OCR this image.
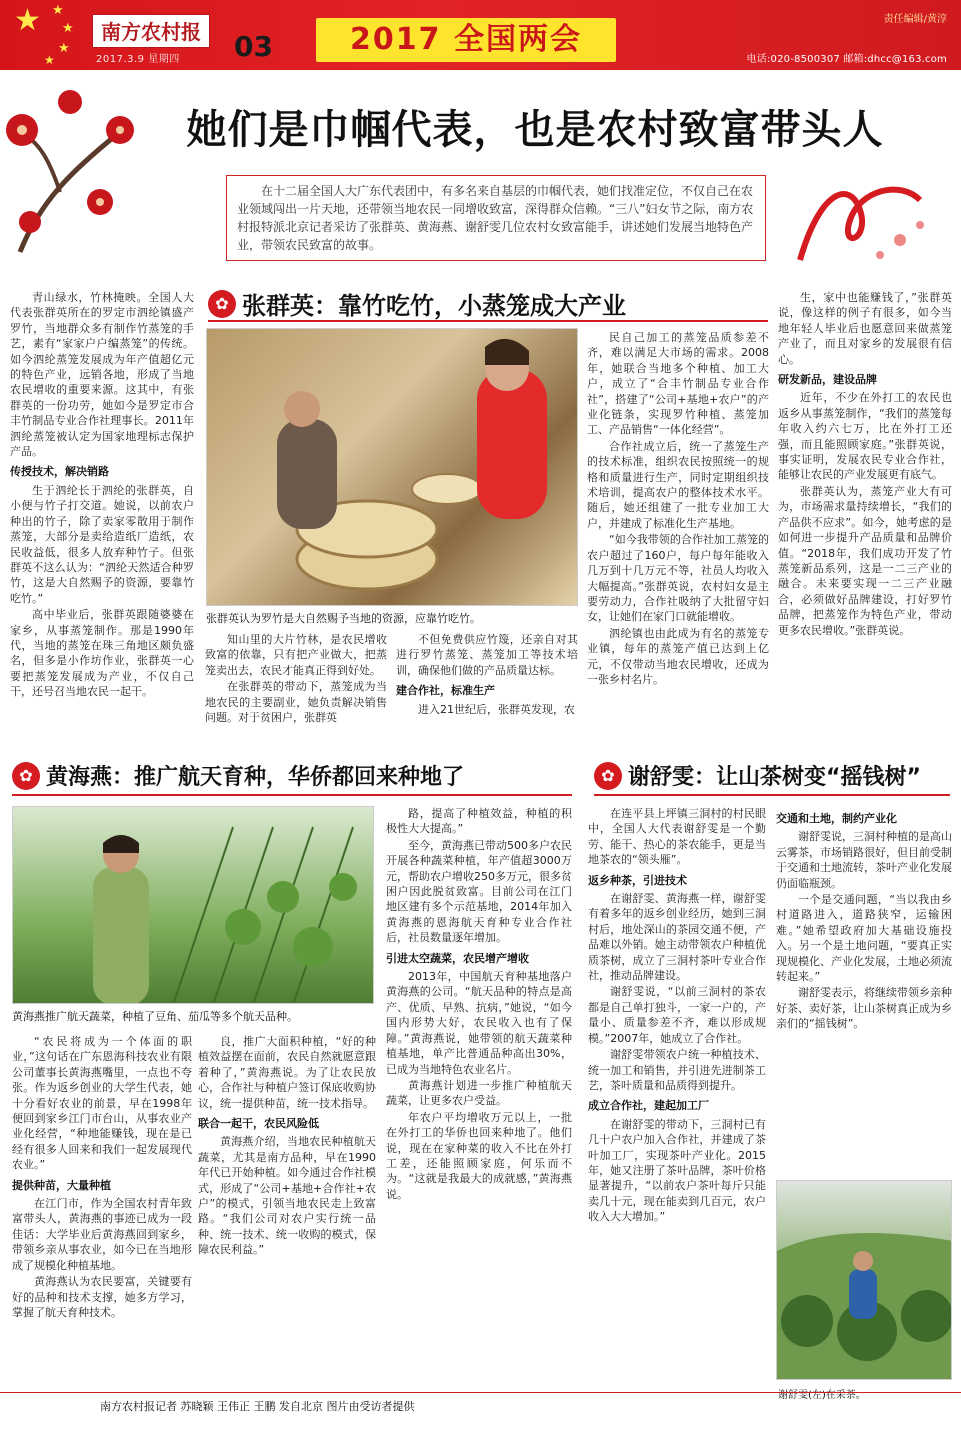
★ ★
★
★
★
南方农村报
2017.3.9 星期四 03	2017 全国两会
责任编辑/黄淳
电话:020-8500307 邮箱:dhcc@163.com
她们是巾帼代表，也是农村致富带头人
在十二届全国人大广东代表团中，有多名来自基层的巾帼代表，她们找准定位，不仅自己在农业领域闯出一片天地，还带领当地农民一同增收致富，深得群众信赖。“三八”妇女节之际，南方农村报特派北京记者采访了张群英、黄海燕、谢舒雯几位农村女致富能手，讲述她们发展当地特色产业，带领农民致富的故事。
✿ 张群英：靠竹吃竹，小蒸笼成大产业

青山绿水，竹林掩映。全国人大代表张群英所在的罗定市泗纶镇盛产罗竹，当地群众多有制作竹蒸笼的手艺，素有“家家户户编蒸笼”的传统。如今泗纶蒸笼发展成为年产值超亿元的特色产业，远销各地，形成了当地农民增收的重要来源。这其中，有张群英的一份功劳，她如今是罗定市合丰竹制品专业合作社理事长。2011年泗纶蒸笼被认定为国家地理标志保护产品。

传授技术，解决销路

生于泗纶长于泗纶的张群英，自小便与竹子打交道。她说，以前农户种出的竹子，除了卖家零散用于制作蒸笼，大部分是卖给造纸厂造纸，农民收益低，很多人放弃种竹子。但张群英不这么认为：“泗纶天然适合种罗竹，这是大自然赐予的资源，要靠竹吃竹。”

高中毕业后，张群英跟随婆婆在家乡，从事蒸笼制作。那是1990年代，当地的蒸笼在珠三角地区颇负盛名，但多是小作坊作业，张群英一心要把蒸笼发展成为产业，不仅自己干，还号召当地农民一起干。

张群英认为罗竹是大自然赐予当地的资源，应靠竹吃竹。

知山里的大片竹林，是农民增收致富的依靠，只有把产业做大，把蒸笼卖出去，农民才能真正得到好处。

在张群英的带动下，蒸笼成为当地农民的主要副业，她负责解决销售问题。对于贫困户，张群英

不但免费供应竹篾，还亲自对其进行罗竹蒸笼、蒸笼加工等技术培训，确保他们做的产品质量达标。

建合作社，标准生产

进入21世纪后，张群英发现，农

民自己加工的蒸笼品质参差不齐，难以满足大市场的需求。2008年，她联合当地多个种植、加工大户，成立了“合丰竹制品专业合作社”，搭建了“公司+基地+农户”的产业化链条，实现罗竹种植、蒸笼加工、产品销售“一体化经营”。

合作社成立后，统一了蒸笼生产的技术标准，组织农民按照统一的规格和质量进行生产，同时定期组织技术培训，提高农户的整体技术水平。随后，她还组建了一批专业加工大户，并建成了标准化生产基地。

“如今我带领的合作社加工蒸笼的农户超过了160户，每户每年能收入几万到十几万元不等，社员人均收入大幅提高。”张群英说，农村妇女是主要劳动力，合作社吸纳了大批留守妇女，让她们在家门口就能增收。

泗纶镇也由此成为有名的蒸笼专业镇，每年的蒸笼产值已达到上亿元，不仅带动当地农民增收，还成为一张乡村名片。

生，家中也能赚钱了，”张群英说，像这样的例子有很多，如今当地年轻人毕业后也愿意回来做蒸笼产业了，而且对家乡的发展很有信心。

研发新品，建设品牌

近年，不少在外打工的农民也返乡从事蒸笼制作，“我们的蒸笼每年收入约六七万，比在外打工还强，而且能照顾家庭。”张群英说，事实证明，发展农民专业合作社，能够让农民的产业发展更有底气。

张群英认为，蒸笼产业大有可为，市场需求量持续增长，“我们的产品供不应求”。如今，她考虑的是如何进一步提升产品质量和品牌价值。“2018年，我们成功开发了竹蒸笼新品系列，这是一二三产业的融合。未来要实现一二三产业融合，必须做好品牌建设，打好罗竹品牌，把蒸笼作为特色产业，带动更多农民增收。”张群英说。

✿ 黄海燕：推广航天育种，华侨都回来种地了
黄海燕推广航天蔬菜，种植了豆角、茄瓜等多个航天品种。

“农民将成为一个体面的职业，”这句话在广东恩海科技农业有限公司董事长黄海燕嘴里，一点也不夸张。作为返乡创业的大学生代表，她十分看好农业的前景，早在1998年便回到家乡江门市台山，从事农业产业化经营，“种地能赚钱，现在是已经有很多人回来和我们一起发展现代农业。”

提供种苗，大量种植

在江门市，作为全国农村青年致富带头人，黄海燕的事迹已成为一段佳话：大学毕业后黄海燕回到家乡，带领乡亲从事农业，如今已在当地形成了规模化种植基地。

黄海燕认为农民要富，关键要有好的品种和技术支撑，她多方学习，掌握了航天育种技术。

良，推广大面积种植，“好的种植效益摆在面前，农民自然就愿意跟着种了，”黄海燕说。为了让农民放心，合作社与种植户签订保底收购协议，统一提供种苗，统一技术指导。

联合一起干，农民风险低

黄海燕介绍，当地农民种植航天蔬菜，尤其是南方品种，早在1990年代已开始种植。如今通过合作社模式，形成了“公司+基地+合作社+农户”的模式，引领当地农民走上致富路。“我们公司对农户实行统一品种、统一技术、统一收购的模式，保障农民利益。”

路，提高了种植效益，种植的积极性大大提高。”

至今，黄海燕已带动500多户农民开展各种蔬菜种植，年产值超3000万元，帮助农户增收250多万元，很多贫困户因此脱贫致富。目前公司在江门地区建有多个示范基地，2014年加入黄海燕的恩海航天育种专业合作社后，社员数量逐年增加。

引进太空蔬菜，农民增产增收

2013年，中国航天育种基地落户黄海燕的公司。“航天品种的特点是高产、优质、早熟、抗病，”她说，“如今国内形势大好，农民收入也有了保障。”黄海燕说，她带领的航天蔬菜种植基地，单产比普通品种高出30%，已成为当地特色农业名片。

黄海燕计划进一步推广种植航天蔬菜，让更多农户受益。

年农户平均增收万元以上，一批在外打工的华侨也回来种地了。他们说，现在在家种菜的收入不比在外打工差，还能照顾家庭，何乐而不为。“这就是我最大的成就感，”黄海燕说。

✿ 谢舒雯：让山茶树变“摇钱树”

在连平县上坪镇三洞村的村民眼中，全国人大代表谢舒雯是一个勤劳、能干、热心的茶农能手，更是当地茶农的“领头雁”。

返乡种茶，引进技术

在谢舒雯、黄海燕一样，谢舒雯有着多年的返乡创业经历，她到三洞村后，地处深山的茶园交通不便，产品难以外销。她主动带领农户种植优质茶树，成立了三洞村茶叶专业合作社，推动品牌建设。

谢舒雯说，“以前三洞村的茶农都是自己单打独斗，一家一户的，产量小、质量参差不齐，难以形成规模。”2007年，她成立了合作社。

谢舒雯带领农户统一种植技术、统一加工和销售，并引进先进制茶工艺，茶叶质量和品质得到提升。

成立合作社，建起加工厂

在谢舒雯的带动下，三洞村已有几十户农户加入合作社，并建成了茶叶加工厂，实现茶叶产业化。2015年，她又注册了茶叶品牌，茶叶价格显著提升，“以前农户茶叶每斤只能卖几十元，现在能卖到几百元，农户收入大大增加。”

交通和土地，制约产业化

谢舒雯说，三洞村种植的是高山云雾茶，市场销路很好，但目前受制于交通和土地流转，茶叶产业化发展仍面临瓶颈。

一个是交通问题，“当以我由乡村道路进入，道路狭窄，运输困难。”她希望政府加大基础设施投入。另一个是土地问题，“要真正实现规模化、产业化发展，土地必须流转起来。”

谢舒雯表示，将继续带领乡亲种好茶、卖好茶，让山茶树真正成为乡亲们的“摇钱树”。

谢舒雯(左)在采茶。
南方农村报记者 苏晓颖 王伟正 王鹏 发自北京 图片由受访者提供
